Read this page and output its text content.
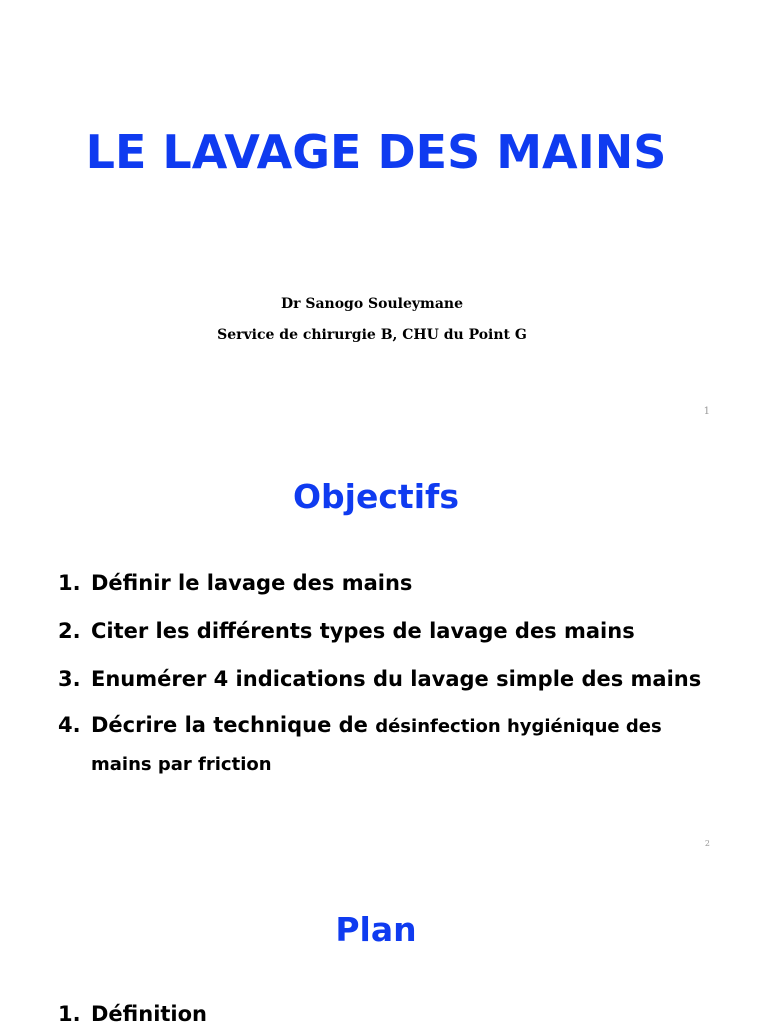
LE LAVAGE DES MAINS

Dr Sanogo Souleymane

Service de chirurgie B, CHU du Point G

1
Objectifs
1. Définir le lavage des mains
2. Citer les différents types de lavage des mains
3. Enumérer 4 indications du lavage simple des mains
4. Décrire la technique de désinfection hygiénique des mains par friction
2
Plan
1. Définition
